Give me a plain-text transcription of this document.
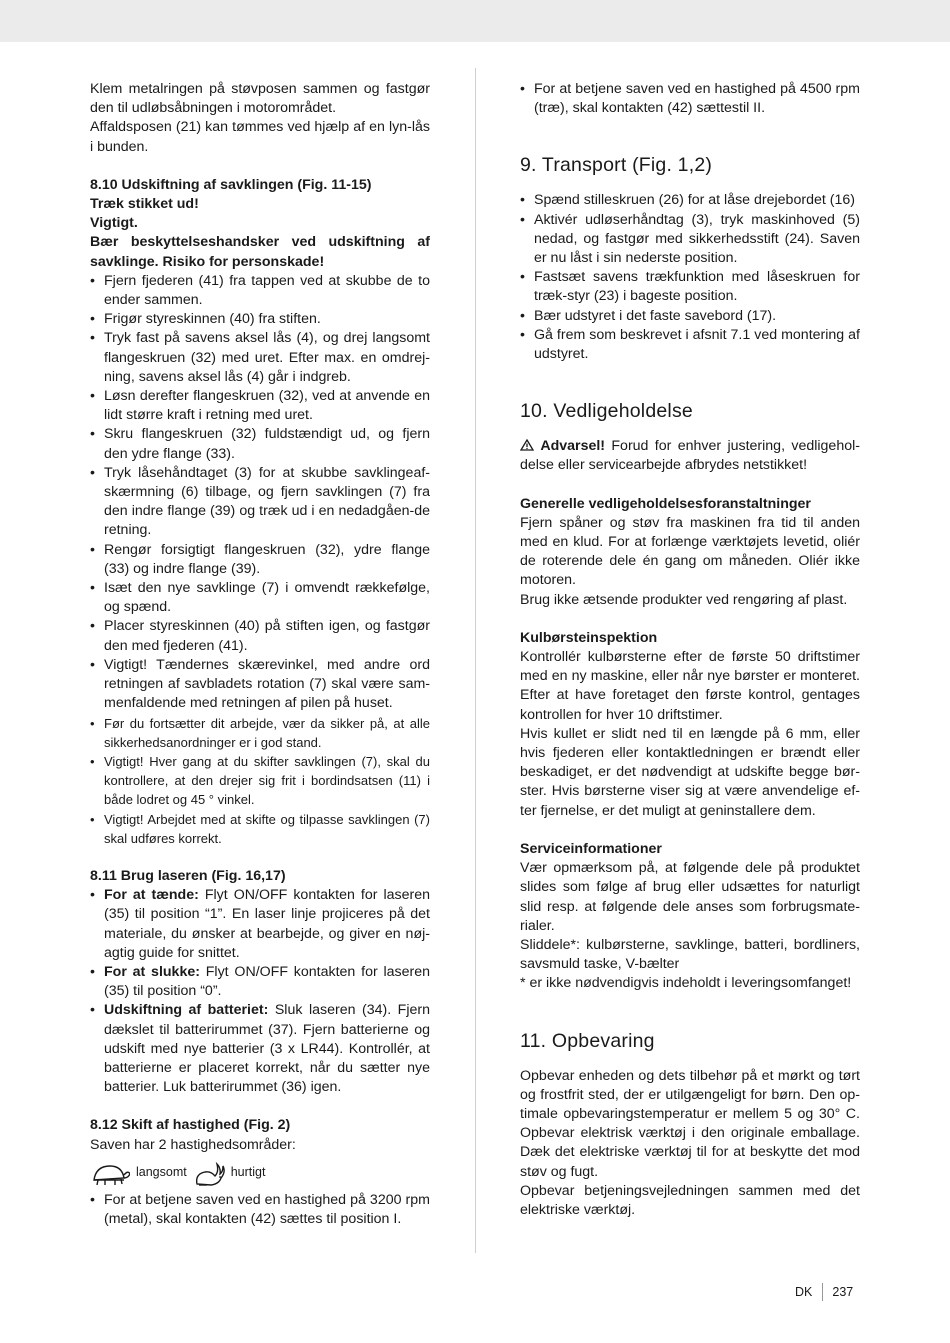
Klem metalringen på støvposen sammen og fastgør den til udløbsåbningen i motorområdet.

Affaldsposen (21) kan tømmes ved hjælp af en lyn-lås i bunden.

8.10 Udskiftning af savklingen (Fig. 11-15)

Træk stikket ud!

Vigtigt.

Bær beskyttelseshandsker ved udskiftning af savklinge. Risiko for personskade!

• Fjern fjederen (41) fra tappen ved at skubbe de to ender sammen.
• Frigør styreskinnen (40) fra stiften.
• Tryk fast på savens aksel lås (4), og drej langsomt flangeskruen (32) med uret. Efter max. en omdrej-ning, savens aksel lås (4) går i indgreb.
• Løsn derefter flangeskruen (32), ved at anvende en lidt større kraft i retning med uret.
• Skru flangeskruen (32) fuldstændigt ud, og fjern den ydre flange (33).
• Tryk låsehåndtaget (3) for at skubbe savklingeaf-skærmning (6) tilbage, og fjern savklingen (7) fra den indre flange (39) og træk ud i en nedadgåen-de retning.
• Rengør forsigtigt flangeskruen (32), ydre flange (33) og indre flange (39).
• Isæt den nye savklinge (7) i omvendt rækkefølge, og spænd.
• Placer styreskinnen (40) på stiften igen, og fastgør den med fjederen (41).
• Vigtigt! Tændernes skærevinkel, med andre ord retningen af savbladets rotation (7) skal være sam-menfaldende med retningen af pilen på huset.
• Før du fortsætter dit arbejde, vær da sikker på, at alle sikkerhedsanordninger er i god stand.
• Vigtigt! Hver gang at du skifter savklingen (7), skal du kontrollere, at den drejer sig frit i bordindsatsen (11) i både lodret og 45 ° vinkel.
• Vigtigt! Arbejdet med at skifte og tilpasse savklingen (7) skal udføres korrekt.

8.11 Brug laseren (Fig. 16,17)

• For at tænde: Flyt ON/OFF kontakten for laseren (35) til position “1”. En laser linje projiceres på det materiale, du ønsker at bearbejde, og giver en nøj-agtig guide for snittet.
• For at slukke: Flyt ON/OFF kontakten for laseren (35) til position “0”.
• Udskiftning af batteriet: Sluk laseren (34). Fjern dækslet til batterirummet (37). Fjern batterierne og udskift med nye batterier (3 x LR44). Kontrollér, at batterierne er placeret korrekt, når du sætter nye batterier. Luk batterirummet (36) igen.

8.12 Skift af hastighed (Fig. 2)

Saven har 2 hastighedsområder:

langsomt	hurtigt
• For at betjene saven ved en hastighed på 3200 rpm (metal), skal kontakten (42) sættes til position I.
• For at betjene saven ved en hastighed på 4500 rpm (træ), skal kontakten (42) sættestil II.
9. Transport (Fig. 1,2)
• Spænd stilleskruen (26) for at låse drejebordet (16)
• Aktivér udløserhåndtag (3), tryk maskinhoved (5) nedad, og fastgør med sikkerhedsstift (24). Saven er nu låst i sin nederste position.
• Fastsæt savens trækfunktion med låseskruen for træk-styr (23) i bageste position.
• Bær udstyret i det faste savebord (17).
• Gå frem som beskrevet i afsnit 7.1 ved montering af udstyret.
10. Vedligeholdelse

Advarsel! Forud for enhver justering, vedligehol-delse eller servicearbejde afbrydes netstikket!

Generelle vedligeholdelsesforanstaltninger

Fjern spåner og støv fra maskinen fra tid til anden med en klud. For at forlænge værktøjets levetid, oliér de roterende dele én gang om måneden. Oliér ikke motoren.

Brug ikke ætsende produkter ved rengøring af plast.

Kulbørsteinspektion

Kontrollér kulbørsterne efter de første 50 driftstimer med en ny maskine, eller når nye børster er monteret. Efter at have foretaget den første kontrol, gentages kontrollen for hver 10 driftstimer.

Hvis kullet er slidt ned til en længde på 6 mm, eller hvis fjederen eller kontaktledningen er brændt eller beskadiget, er det nødvendigt at udskifte begge bør-ster. Hvis børsterne viser sig at være anvendelige ef-ter fjernelse, er det muligt at geninstallere dem.

Serviceinformationer

Vær opmærksom på, at følgende dele på produktet slides som følge af brug eller udsættes for naturligt slid resp. at følgende dele anses som forbrugsmate-rialer.

Sliddele*: kulbørsterne, savklinge, batteri, bordliners, savsmuld taske, V-bælter

* er ikke nødvendigvis indeholdt i leveringsomfanget!

11. Opbevaring

Opbevar enheden og dets tilbehør på et mørkt og tørt og frostfrit sted, der er utilgængeligt for børn. Den op-timale opbevaringstemperatur er mellem 5 og 30° C. Opbevar elektrisk værktøj i den originale emballage. Dæk det elektriske værktøj til for at beskytte det mod støv og fugt.

Opbevar betjeningsvejledningen sammen med det elektriske værktøj.

DK 237
